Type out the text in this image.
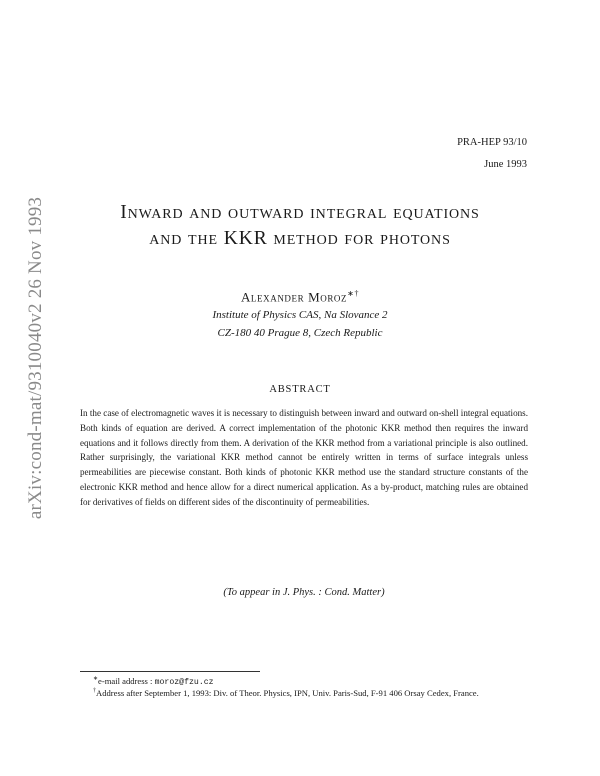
arXiv:cond-mat/9310040v2 26 Nov 1993
PRA-HEP 93/10
June 1993
Inward and outward integral equations
and the KKR method for photons
Alexander Moroz∗†
Institute of Physics CAS, Na Slovance 2
CZ-180 40 Prague 8, Czech Republic
ABSTRACT
In the case of electromagnetic waves it is necessary to distinguish between inward and outward on-shell integral equations. Both kinds of equation are derived. A correct implementation of the photonic KKR method then requires the inward equations and it follows directly from them. A derivation of the KKR method from a variational principle is also outlined. Rather surprisingly, the variational KKR method cannot be entirely written in terms of surface integrals unless permeabilities are piecewise constant. Both kinds of photonic KKR method use the standard structure constants of the electronic KKR method and hence allow for a direct numerical application. As a by-product, matching rules are obtained for derivatives of fields on different sides of the discontinuity of permeabilities.
(To appear in J. Phys. : Cond. Matter)
∗e-mail address : moroz@fzu.cz
†Address after September 1, 1993: Div. of Theor. Physics, IPN, Univ. Paris-Sud, F-91 406 Orsay Cedex, France.
